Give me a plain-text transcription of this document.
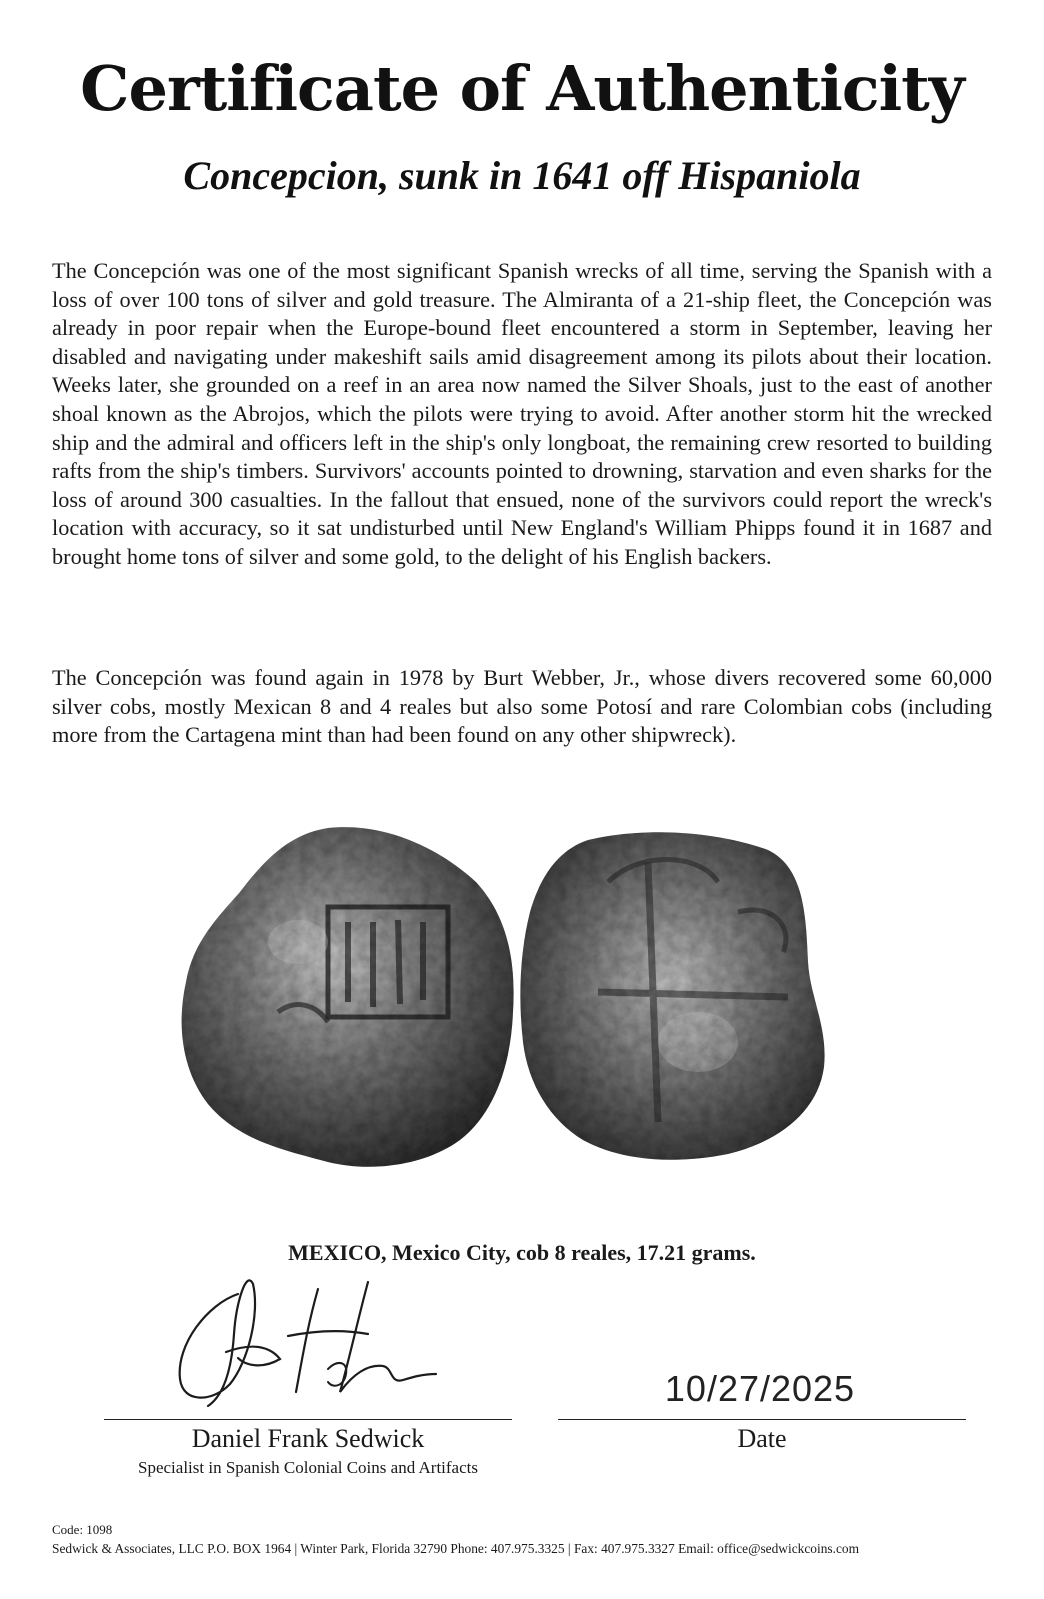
Certificate of Authenticity
Concepcion, sunk in 1641 off Hispaniola

The Concepción was one of the most significant Spanish wrecks of all time, serving the Spanish with a loss of over 100 tons of silver and gold treasure. The Almiranta of a 21-ship fleet, the Concepción was already in poor repair when the Europe-bound fleet encountered a storm in September, leaving her disabled and navigating under makeshift sails amid disagreement among its pilots about their location. Weeks later, she grounded on a reef in an area now named the Silver Shoals, just to the east of another shoal known as the Abrojos, which the pilots were trying to avoid. After another storm hit the wrecked ship and the admiral and officers left in the ship's only longboat, the remaining crew resorted to building rafts from the ship's timbers. Survivors' accounts pointed to drowning, starvation and even sharks for the loss of around 300 casualties. In the fallout that ensued, none of the survivors could report the wreck's location with accuracy, so it sat undisturbed until New England's William Phipps found it in 1687 and brought home tons of silver and some gold, to the delight of his English backers.

The Concepción was found again in 1978 by Burt Webber, Jr., whose divers recovered some 60,000 silver cobs, mostly Mexican 8 and 4 reales but also some Potosí and rare Colombian cobs (including more from the Cartagena mint than had been found on any other shipwreck).

MEXICO, Mexico City, cob 8 reales, 17.21 grams.

10/27/2025

Daniel Frank Sedwick	Date

Specialist in Spanish Colonial Coins and Artifacts

Code: 1098

Sedwick & Associates, LLC P.O. BOX 1964 | Winter Park, Florida 32790 Phone: 407.975.3325 | Fax: 407.975.3327 Email: office@sedwickcoins.com
